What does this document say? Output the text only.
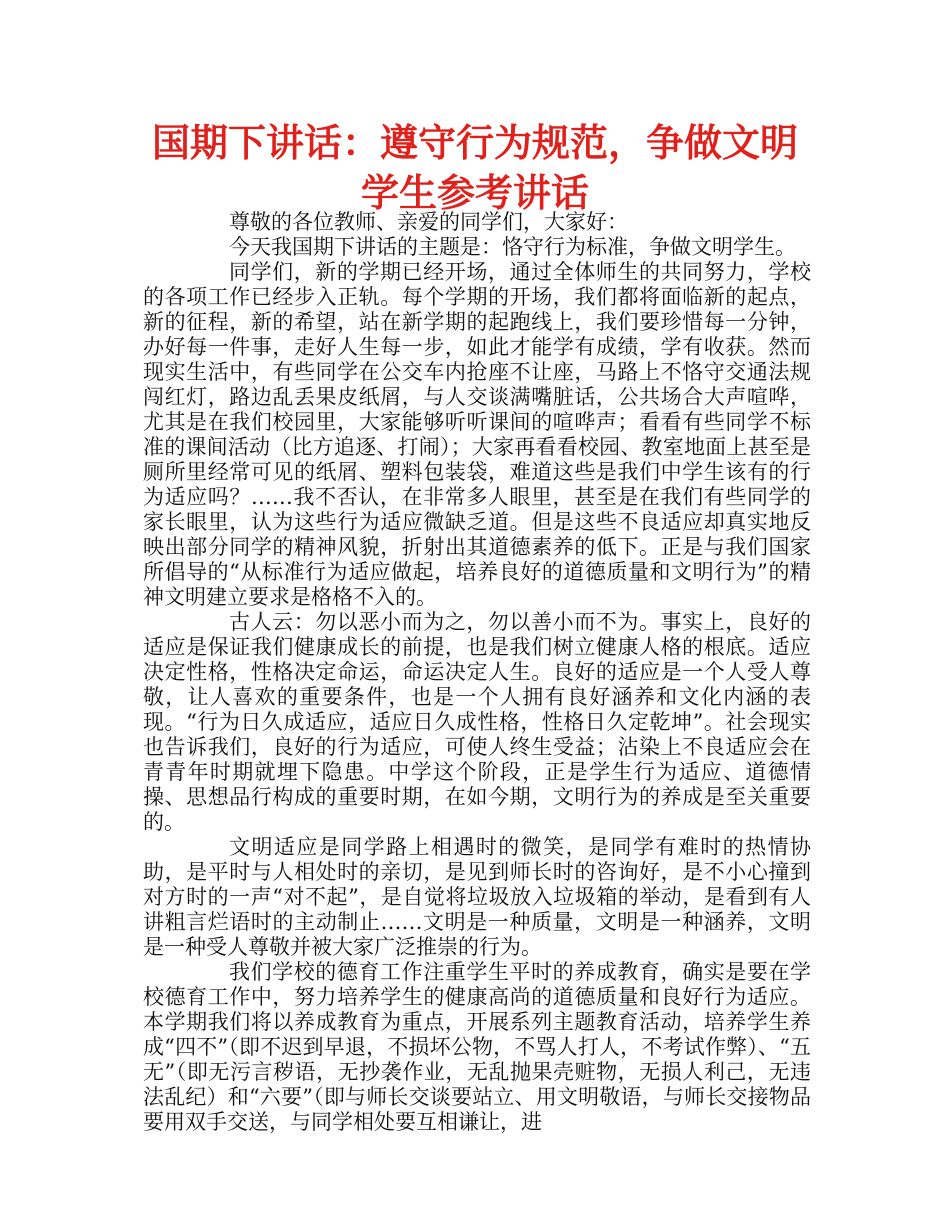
国期下讲话：遵守行为规范，争做文明学生参考讲话

尊敬的各位教师、亲爱的同学们，大家好：

今天我国期下讲话的主题是：恪守行为标准，争做文明学生。

同学们，新的学期已经开场，通过全体师生的共同努力，学校的各项工作已经步入正轨。每个学期的开场，我们都将面临新的起点，新的征程，新的希望，站在新学期的起跑线上，我们要珍惜每一分钟，办好每一件事，走好人生每一步，如此才能学有成绩，学有收获。然而现实生活中，有些同学在公交车内抢座不让座，马路上不恪守交通法规闯红灯，路边乱丢果皮纸屑，与人交谈满嘴脏话，公共场合大声喧哗，尤其是在我们校园里，大家能够听听课间的喧哗声；看看有些同学不标准的课间活动（比方追逐、打闹）；大家再看看校园、教室地面上甚至是厕所里经常可见的纸屑、塑料包装袋，难道这些是我们中学生该有的行为适应吗？……我不否认，在非常多人眼里，甚至是在我们有些同学的家长眼里，认为这些行为适应微缺乏道。但是这些不良适应却真实地反映出部分同学的精神风貌，折射出其道德素养的低下。正是与我们国家所倡导的“从标准行为适应做起，培养良好的道德质量和文明行为”的精神文明建立要求是格格不入的。

古人云：勿以恶小而为之，勿以善小而不为。事实上，良好的适应是保证我们健康成长的前提，也是我们树立健康人格的根底。适应决定性格，性格决定命运，命运决定人生。良好的适应是一个人受人尊敬，让人喜欢的重要条件，也是一个人拥有良好涵养和文化内涵的表现。“行为日久成适应，适应日久成性格，性格日久定乾坤”。社会现实也告诉我们，良好的行为适应，可使人终生受益；沾染上不良适应会在青青年时期就埋下隐患。中学这个阶段，正是学生行为适应、道德情操、思想品行构成的重要时期，在如今期，文明行为的养成是至关重要的。

文明适应是同学路上相遇时的微笑，是同学有难时的热情协助，是平时与人相处时的亲切，是见到师长时的咨询好，是不小心撞到对方时的一声“对不起”，是自觉将垃圾放入垃圾箱的举动，是看到有人讲粗言烂语时的主动制止……文明是一种质量，文明是一种涵养，文明是一种受人尊敬并被大家广泛推崇的行为。

我们学校的德育工作注重学生平时的养成教育，确实是要在学校德育工作中，努力培养学生的健康高尚的道德质量和良好行为适应。本学期我们将以养成教育为重点，开展系列主题教育活动，培养学生养成“四不”（即不迟到早退，不损坏公物，不骂人打人，不考试作弊）、“五无”（即无污言秽语，无抄袭作业，无乱抛果壳赃物，无损人利己，无违法乱纪）和“六要”（即与师长交谈要站立、用文明敬语，与师长交接物品要用双手交送，与同学相处要互相谦让，进
